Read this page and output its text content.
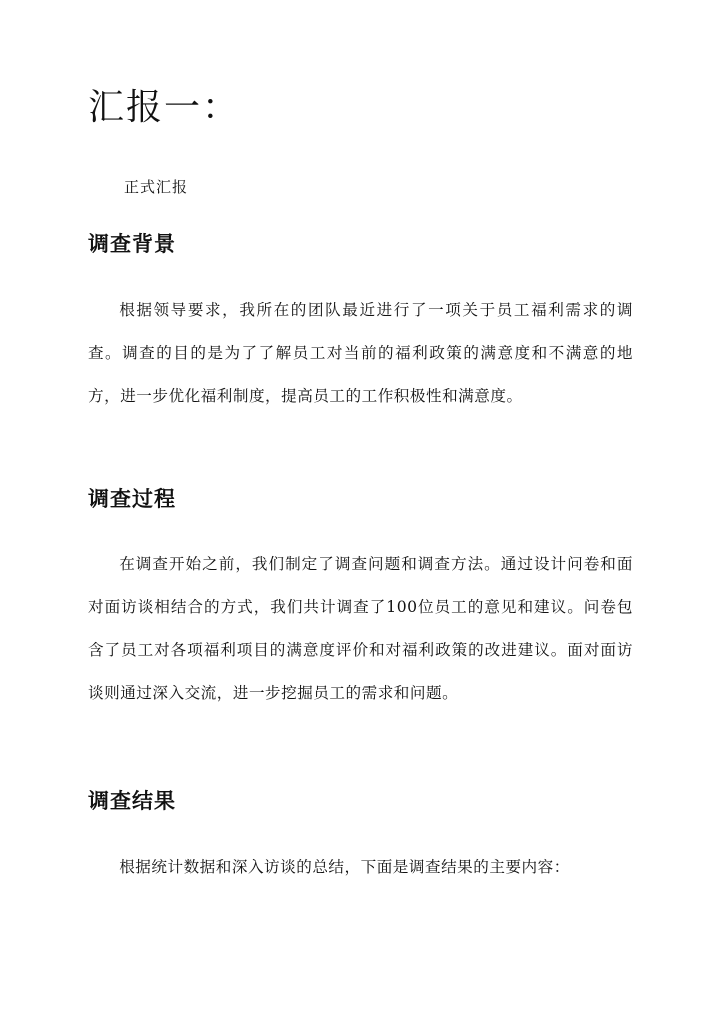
汇报一：

正式汇报

调查背景

根据领导要求，我所在的团队最近进行了一项关于员工福利需求的调查。调查的目的是为了了解员工对当前的福利政策的满意度和不满意的地方，进一步优化福利制度，提高员工的工作积极性和满意度。

调查过程

在调查开始之前，我们制定了调查问题和调查方法。通过设计问卷和面对面访谈相结合的方式，我们共计调查了100位员工的意见和建议。问卷包含了员工对各项福利项目的满意度评价和对福利政策的改进建议。面对面访谈则通过深入交流，进一步挖掘员工的需求和问题。

调查结果

根据统计数据和深入访谈的总结，下面是调查结果的主要内容：
